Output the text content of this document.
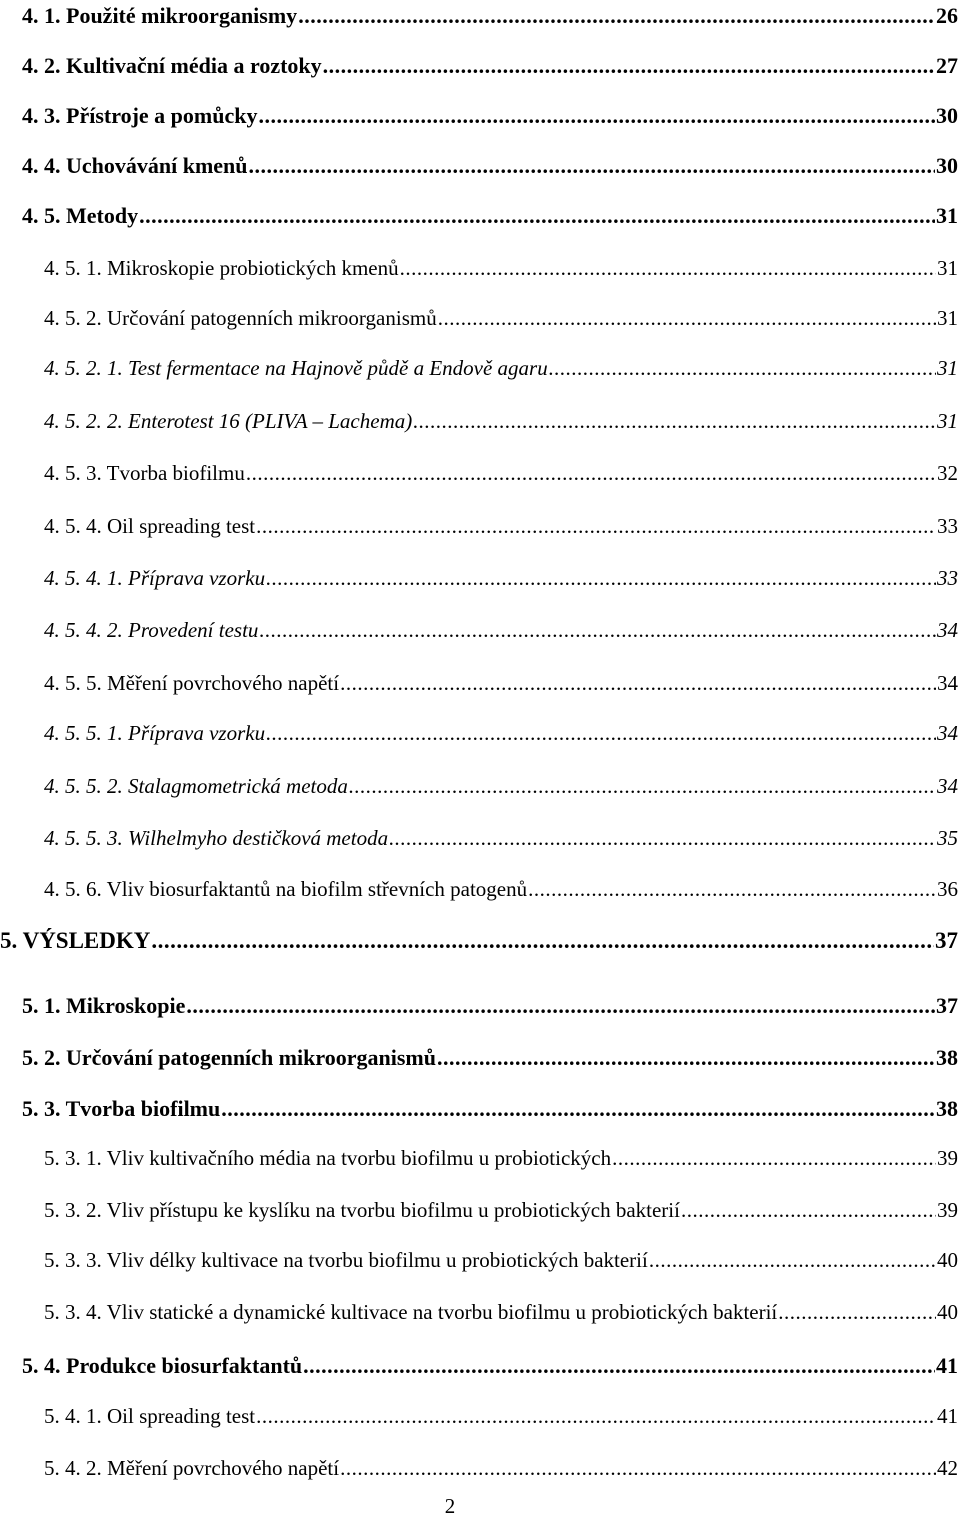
4. 1. Použité mikroorganismy .....	26
4. 2. Kultivační média a roztoky .....	27
4. 3. Přístroje a pomůcky .....	30
4. 4. Uchovávání kmenů .....	30
4. 5. Metody .....	31
4. 5. 1. Mikroskopie probiotických kmenů .....	31
4. 5. 2. Určování patogenních mikroorganismů .....	31
4. 5. 2. 1. Test fermentace na Hajnově půdě a Endově agaru .....	31
4. 5. 2. 2. Enterotest 16 (PLIVA – Lachema) .....	31
4. 5. 3. Tvorba biofilmu .....	32
4. 5. 4. Oil spreading test .....	33
4. 5. 4. 1. Příprava vzorku .....	33
4. 5. 4. 2. Provedení testu .....	34
4. 5. 5. Měření povrchového napětí .....	34
4. 5. 5. 1. Příprava vzorku .....	34
4. 5. 5. 2. Stalagmometrická metoda .....	34
4. 5. 5. 3. Wilhelmyho destičková metoda .....	35
4. 5. 6. Vliv biosurfaktantů na biofilm střevních patogenů .....	36
5. VÝSLEDKY .....	37
5. 1. Mikroskopie .....	37
5. 2. Určování patogenních mikroorganismů .....	38
5. 3. Tvorba biofilmu .....	38
5. 3. 1. Vliv kultivačního média na tvorbu biofilmu u probiotických .....	39
5. 3. 2. Vliv přístupu ke kyslíku na tvorbu biofilmu u probiotických bakterií .....	39
5. 3. 3. Vliv délky kultivace na tvorbu biofilmu u probiotických bakterií .....	40
5. 3. 4. Vliv statické a dynamické kultivace na tvorbu biofilmu u probiotických bakterií .....	40
5. 4. Produkce biosurfaktantů .....	41
5. 4. 1. Oil spreading test .....	41
5. 4. 2. Měření povrchového napětí .....	42
2
